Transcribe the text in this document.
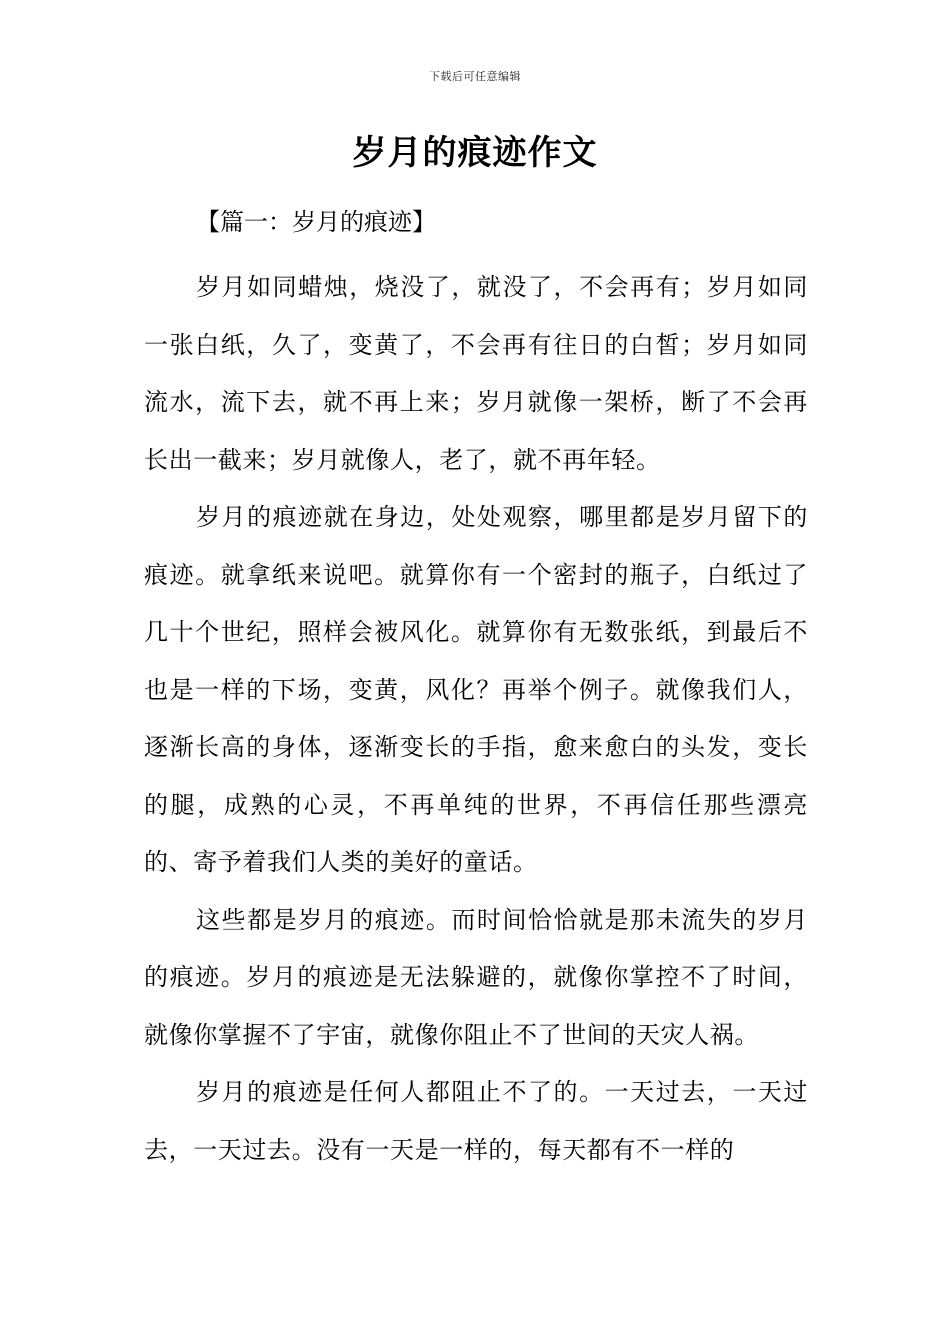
下载后可任意编辑
岁月的痕迹作文
【篇一：岁月的痕迹】

岁月如同蜡烛，烧没了，就没了，不会再有；岁月如同一张白纸，久了，变黄了，不会再有往日的白皙；岁月如同流水，流下去，就不再上来；岁月就像一架桥，断了不会再长出一截来；岁月就像人，老了，就不再年轻。

岁月的痕迹就在身边，处处观察，哪里都是岁月留下的痕迹。就拿纸来说吧。就算你有一个密封的瓶子，白纸过了几十个世纪，照样会被风化。就算你有无数张纸，到最后不也是一样的下场，变黄，风化？再举个例子。就像我们人，逐渐长高的身体，逐渐变长的手指，愈来愈白的头发，变长的腿，成熟的心灵，不再单纯的世界，不再信任那些漂亮的、寄予着我们人类的美好的童话。

这些都是岁月的痕迹。而时间恰恰就是那未流失的岁月的痕迹。岁月的痕迹是无法躲避的，就像你掌控不了时间，就像你掌握不了宇宙，就像你阻止不了世间的天灾人祸。

岁月的痕迹是任何人都阻止不了的。一天过去，一天过去，一天过去。没有一天是一样的，每天都有不一样的
